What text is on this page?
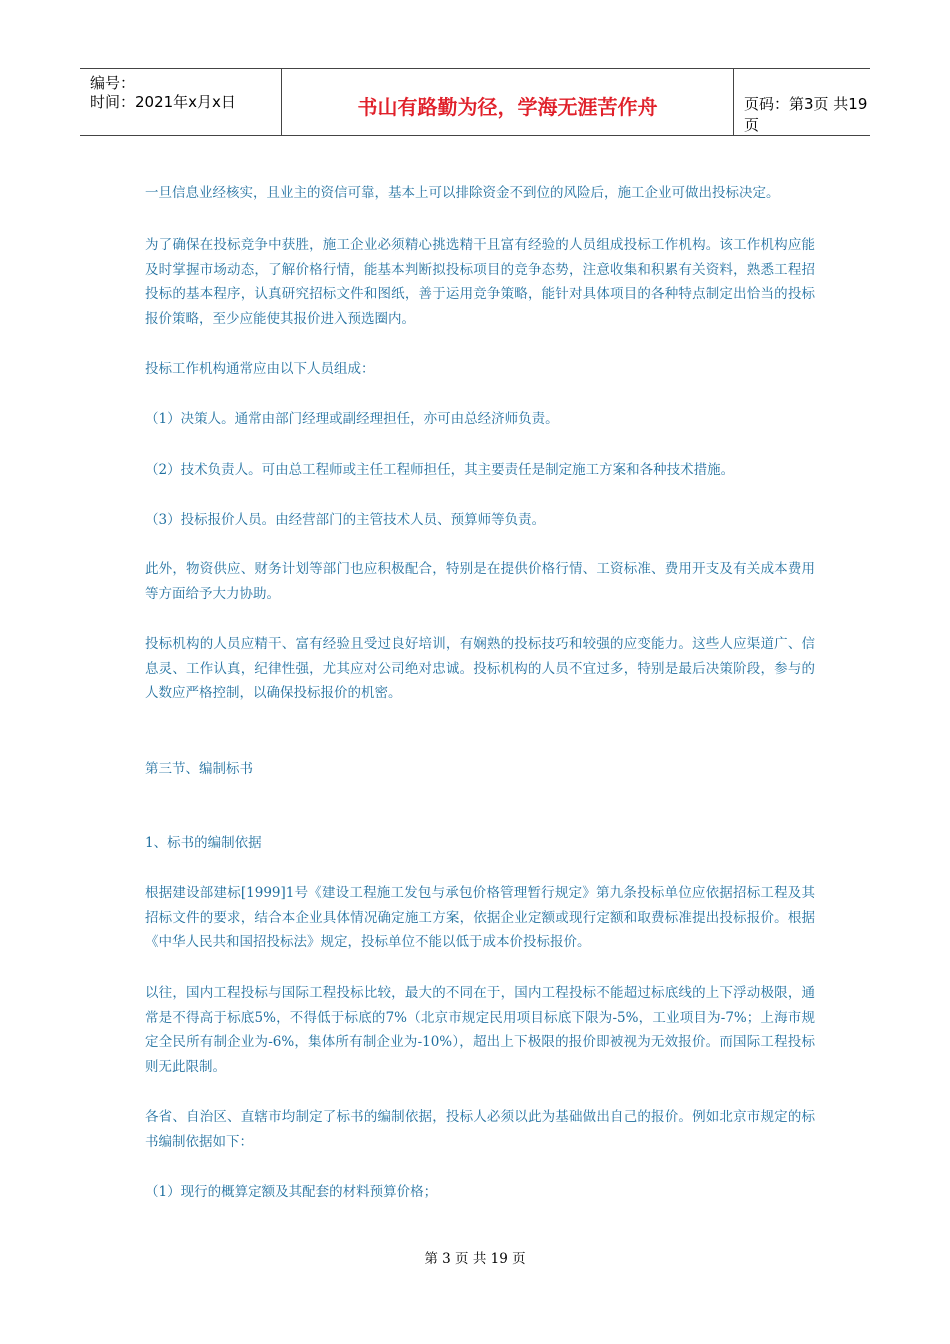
编号：
时间：2021年x月x日	书山有路勤为径，学海无涯苦作舟	页码：第3页 共19页

一旦信息业经核实，且业主的资信可靠，基本上可以排除资金不到位的风险后，施工企业可做出投标决定。

为了确保在投标竞争中获胜，施工企业必须精心挑选精干且富有经验的人员组成投标工作机构。该工作机构应能及时掌握市场动态，了解价格行情，能基本判断拟投标项目的竞争态势，注意收集和积累有关资料，熟悉工程招投标的基本程序，认真研究招标文件和图纸，善于运用竞争策略，能针对具体项目的各种特点制定出恰当的投标报价策略，至少应能使其报价进入预选圈内。

投标工作机构通常应由以下人员组成：

（1）决策人。通常由部门经理或副经理担任，亦可由总经济师负责。

（2）技术负责人。可由总工程师或主任工程师担任，其主要责任是制定施工方案和各种技术措施。

（3）投标报价人员。由经营部门的主管技术人员、预算师等负责。

此外，物资供应、财务计划等部门也应积极配合，特别是在提供价格行情、工资标准、费用开支及有关成本费用等方面给予大力协助。

投标机构的人员应精干、富有经验且受过良好培训，有娴熟的投标技巧和较强的应变能力。这些人应渠道广、信息灵、工作认真，纪律性强，尤其应对公司绝对忠诚。投标机构的人员不宜过多，特别是最后决策阶段，参与的人数应严格控制，以确保投标报价的机密。

第三节、编制标书

1、标书的编制依据

根据建设部建标[1999]1号《建设工程施工发包与承包价格管理暂行规定》第九条投标单位应依据招标工程及其招标文件的要求，结合本企业具体情况确定施工方案，依据企业定额或现行定额和取费标准提出投标报价。根据《中华人民共和国招投标法》规定，投标单位不能以低于成本价投标报价。

以往，国内工程投标与国际工程投标比较，最大的不同在于，国内工程投标不能超过标底线的上下浮动极限，通常是不得高于标底5%，不得低于标底的7%（北京市规定民用项目标底下限为-5%，工业项目为-7%；上海市规定全民所有制企业为-6%，集体所有制企业为-10%），超出上下极限的报价即被视为无效报价。而国际工程投标则无此限制。

各省、自治区、直辖市均制定了标书的编制依据，投标人必须以此为基础做出自己的报价。例如北京市规定的标书编制依据如下：

（1）现行的概算定额及其配套的材料预算价格；

第 3 页 共 19 页
